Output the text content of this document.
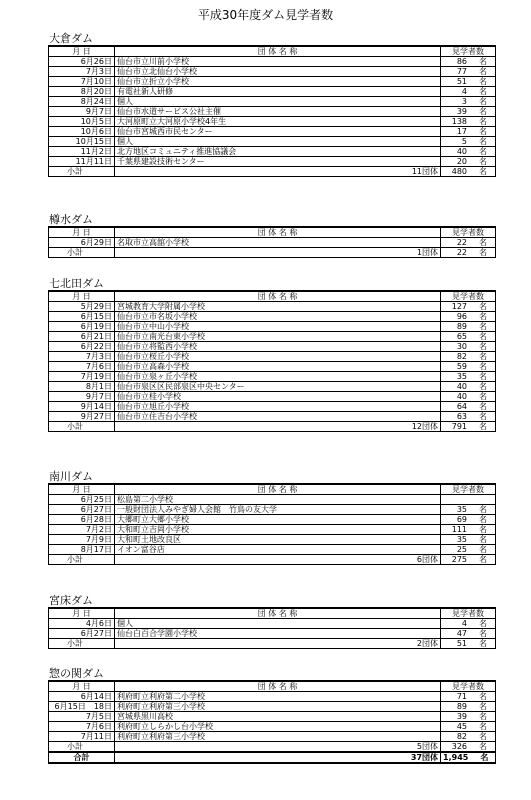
平成30年度ダム見学者数
大倉ダム
月 日	団 体 名 称		見学者数
6月26日	仙台市立川前小学校		86 名

7月3日	仙台市立北仙台小学校		77 名

7月10日	仙台市立折立小学校		51 名

8月20日	有電社新人研修		4 名

8月24日	個人		3 名

9月7日	仙台市水道サービス公社主催		39 名

10月5日	大河原町立大河原小学校4年生		138 名

10月6日	仙台市宮城西市民センター		17 名

10月15日	個人		5 名

11月2日	北方地区コミュニティ推進協議会		40 名

11月11日	千葉県建設技術センター		20 名

小計		11団体	480 名
樽水ダム
月 日	団 体 名 称		見学者数
6月29日	名取市立高舘小学校		22 名

小計		1団体	22 名
七北田ダム
月 日	団 体 名 称		見学者数
5月29日	宮城教育大学附属小学校		127 名

6月15日	仙台市立市名坂小学校		96 名

6月19日	仙台市立中山小学校		89 名

6月21日	仙台市立南光台東小学校		65 名

6月22日	仙台市立将監西小学校		30 名

7月3日	仙台市立桜丘小学校		82 名

7月6日	仙台市立高森小学校		59 名

7月19日	仙台市立泉ヶ丘小学校		35 名

8月1日	仙台市泉区区民部泉区中央センター		40 名

9月7日	仙台市立桂小学校		40 名

9月14日	仙台市立旭丘小学校		64 名

9月27日	仙台市立住吉台小学校		63 名

小計		12団体	791 名
南川ダム
月 日	団 体 名 称		見学者数
6月25日	松島第二小学校		

6月27日	一般財団法人みやぎ婦人会館　竹鳥の友大学		35 名

6月28日	大郷町立大郷小学校		69 名

7月2日	大和町立吉岡小学校		111 名

7月9日	大和町土地改良区		35 名

8月17日	イオン富谷店		25 名

小計		6団体	275 名
宮床ダム
月 日	団 体 名 称		見学者数
4月6日	個人		4 名

6月27日	仙台白百合学園小学校		47 名

小計		2団体	51 名
惣の関ダム
月 日	団 体 名 称		見学者数
6月14日	利府町立利府第二小学校		71 名

6月15日　18日	利府町立利府第三小学校		89 名

7月5日	宮城県黒川高校		39 名

7月6日	利府町立しらかし台小学校		45 名

7月11日	利府町立利府第三小学校		82 名

小計		5団体	326 名

合計		37団体	1,945 名
